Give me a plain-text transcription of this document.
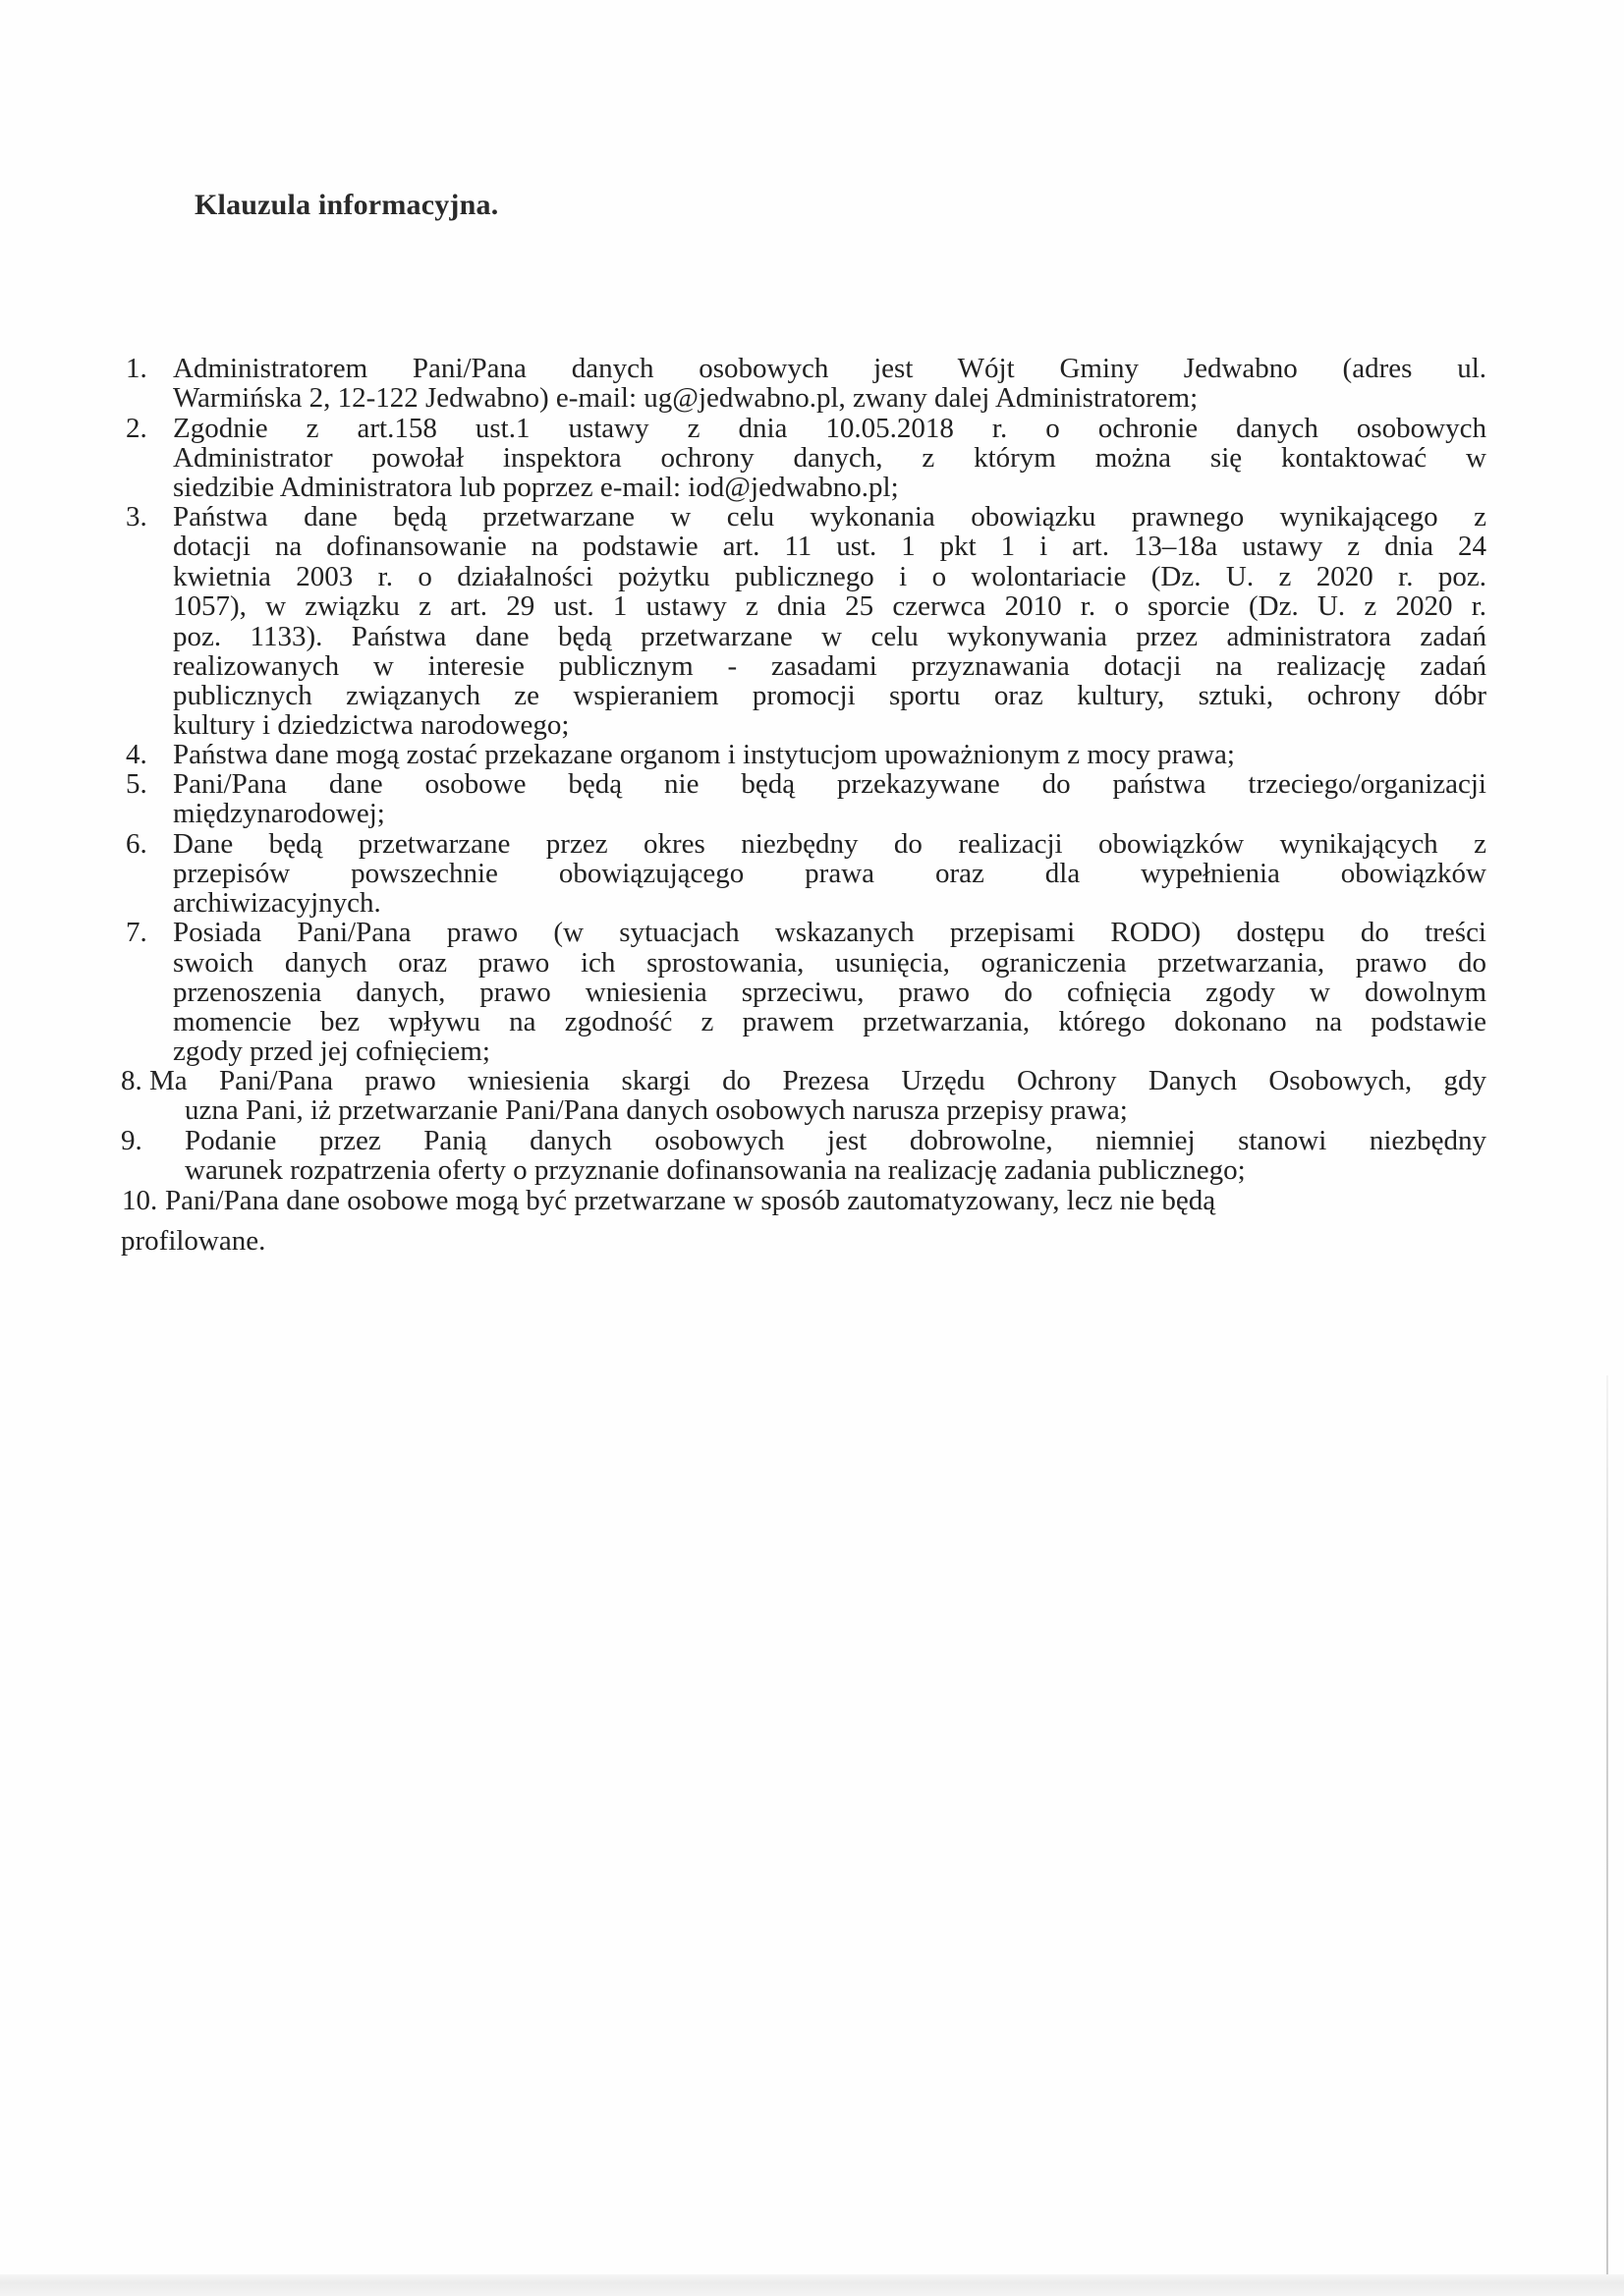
Klauzula informacyjna.
1. Administratorem Pani/Pana danych osobowych jest Wójt Gminy Jedwabno (adres ul.
Warmińska 2, 12-122 Jedwabno) e-mail: ug@jedwabno.pl, zwany dalej Administratorem;
2. Zgodnie z art.158 ust.1 ustawy z dnia 10.05.2018 r. o ochronie danych osobowych
Administrator powołał inspektora ochrony danych, z którym można się kontaktować w
siedzibie Administratora lub poprzez e-mail: iod@jedwabno.pl;
3. Państwa dane będą przetwarzane w celu wykonania obowiązku prawnego wynikającego z
dotacji na dofinansowanie na podstawie art. 11 ust. 1 pkt 1 i art. 13–18a ustawy z dnia 24
kwietnia 2003 r. o działalności pożytku publicznego i o wolontariacie (Dz. U. z 2020 r. poz.
1057), w związku z art. 29 ust. 1 ustawy z dnia 25 czerwca 2010 r. o sporcie (Dz. U. z 2020 r.
poz. 1133). Państwa dane będą przetwarzane w celu wykonywania przez administratora zadań
realizowanych w interesie publicznym - zasadami przyznawania dotacji na realizację zadań
publicznych związanych ze wspieraniem promocji sportu oraz kultury, sztuki, ochrony dóbr
kultury i dziedzictwa narodowego;
4. Państwa dane mogą zostać przekazane organom i instytucjom upoważnionym z mocy prawa;
5. Pani/Pana dane osobowe będą nie będą przekazywane do państwa trzeciego/organizacji
międzynarodowej;
6. Dane będą przetwarzane przez okres niezbędny do realizacji obowiązków wynikających z
przepisów powszechnie obowiązującego prawa oraz dla wypełnienia obowiązków
archiwizacyjnych.
7. Posiada Pani/Pana prawo (w sytuacjach wskazanych przepisami RODO) dostępu do treści
swoich danych oraz prawo ich sprostowania, usunięcia, ograniczenia przetwarzania, prawo do
przenoszenia danych, prawo wniesienia sprzeciwu, prawo do cofnięcia zgody w dowolnym
momencie bez wpływu na zgodność z prawem przetwarzania, którego dokonano na podstawie
zgody przed jej cofnięciem;
8. Ma Pani/Pana prawo wniesienia skargi do Prezesa Urzędu Ochrony Danych Osobowych, gdy
uzna Pani, iż przetwarzanie Pani/Pana danych osobowych narusza przepisy prawa;
9. Podanie przez Panią danych osobowych jest dobrowolne, niemniej stanowi niezbędny
warunek rozpatrzenia oferty o przyznanie dofinansowania na realizację zadania publicznego;
10. Pani/Pana dane osobowe mogą być przetwarzane w sposób zautomatyzowany, lecz nie będą
profilowane.
